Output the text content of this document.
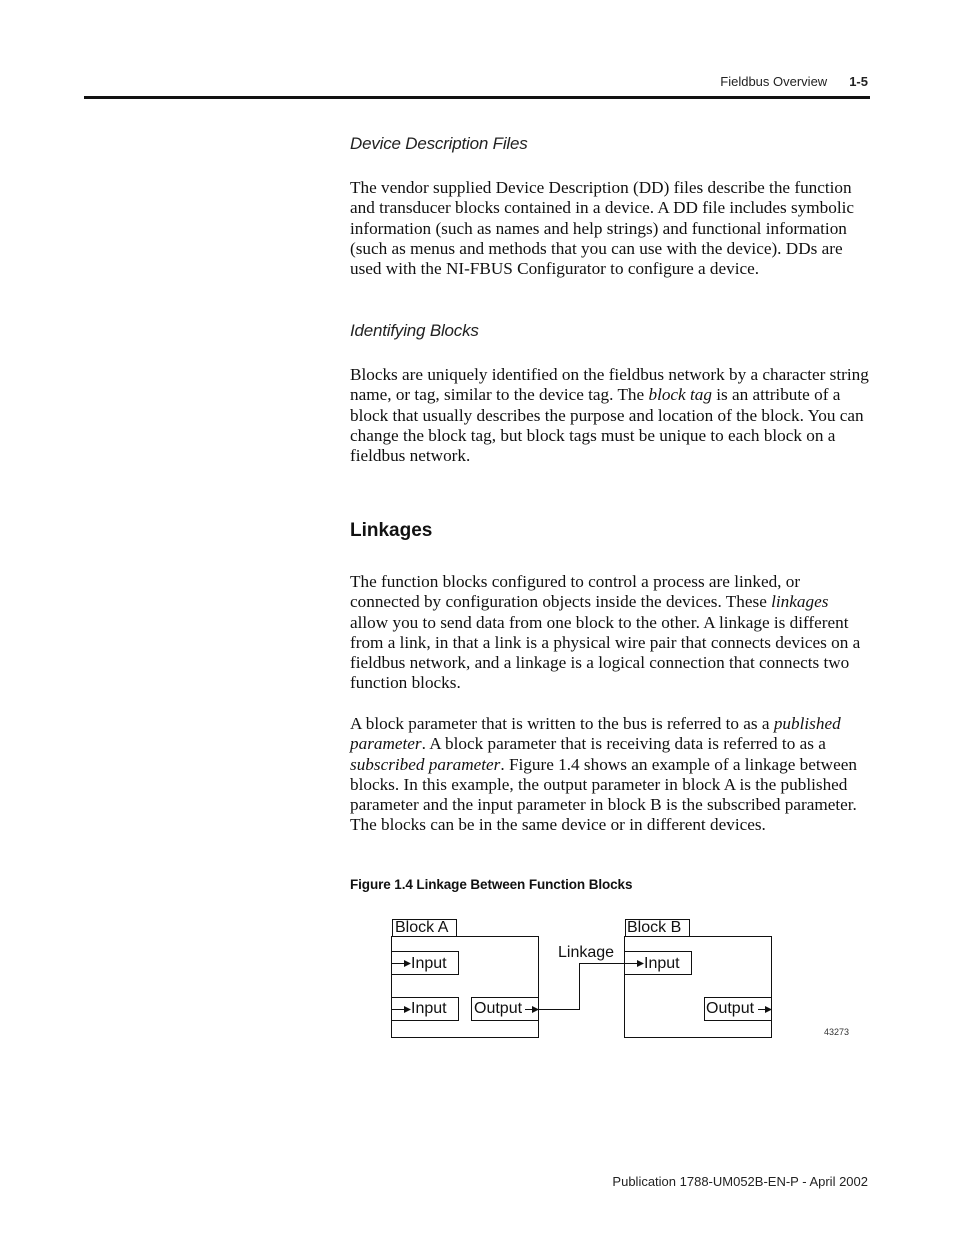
Fieldbus Overview 1-5

Device Description Files

The vendor supplied Device Description (DD) files describe the function and transducer blocks contained in a device. A DD file includes symbolic information (such as names and help strings) and functional information (such as menus and methods that you can use with the device). DDs are used with the NI-FBUS Configurator to configure a device.

Identifying Blocks

Blocks are uniquely identified on the fieldbus network by a character string name, or tag, similar to the device tag. The block tag is an attribute of a block that usually describes the purpose and location of the block. You can change the block tag, but block tags must be unique to each block on a fieldbus network.

Linkages

The function blocks configured to control a process are linked, or connected by configuration objects inside the devices. These linkages allow you to send data from one block to the other. A linkage is different from a link, in that a link is a physical wire pair that connects devices on a fieldbus network, and a linkage is a logical connection that connects two function blocks.

A block parameter that is written to the bus is referred to as a published parameter. A block parameter that is receiving data is referred to as a subscribed parameter. Figure 1.4 shows an example of a linkage between blocks. In this example, the output parameter in block A is the published parameter and the input parameter in block B is the subscribed parameter. The blocks can be in the same device or in different devices.

Figure 1.4 Linkage Between Function Blocks

Block A
Input
Input Output
Linkage
Block B
Input
Output
43273
Publication 1788-UM052B-EN-P - April 2002
